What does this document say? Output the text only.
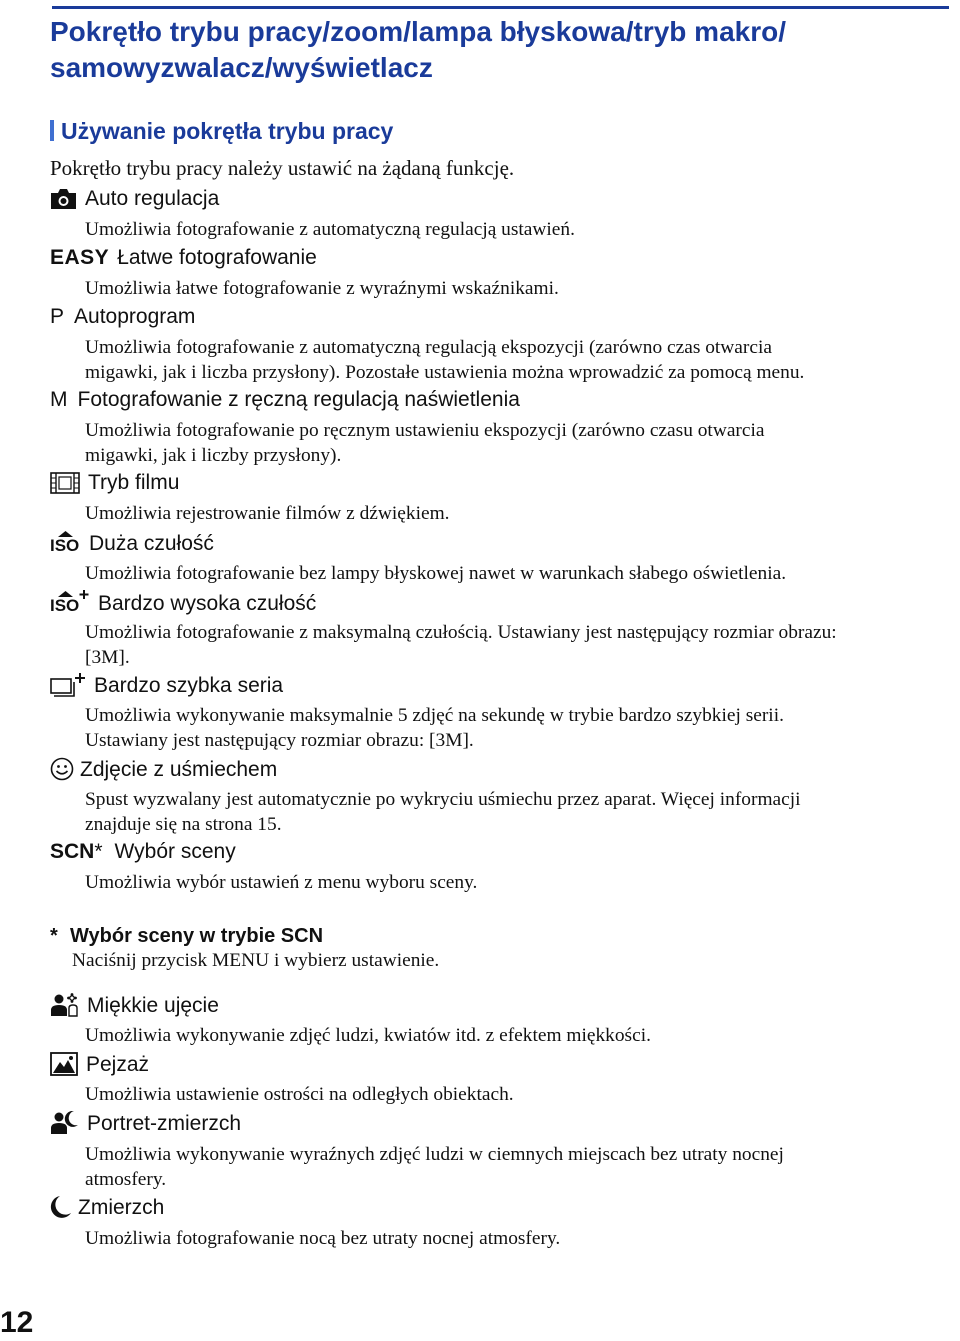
Pokrętło trybu pracy/zoom/lampa błyskowa/tryb makro/
samowyzwalacz/wyświetlacz
Używanie pokrętła trybu pracy
Pokrętło trybu pracy należy ustawić na żądaną funkcję.
Auto regulacja
Umożliwia fotografowanie z automatyczną regulacją ustawień.
EASY Łatwe fotografowanie
Umożliwia łatwe fotografowanie z wyraźnymi wskaźnikami.
P Autoprogram
Umożliwia fotografowanie z automatyczną regulacją ekspozycji (zarówno czas otwarcia
migawki, jak i liczba przysłony). Pozostałe ustawienia można wprowadzić za pomocą menu.
M Fotografowanie z ręczną regulacją naświetlenia
Umożliwia fotografowanie po ręcznym ustawieniu ekspozycji (zarówno czasu otwarcia
migawki, jak i liczby przysłony).
Tryb filmu
Umożliwia rejestrowanie filmów z dźwiękiem.
ISO Duża czułość
Umożliwia fotografowanie bez lampy błyskowej nawet w warunkach słabego oświetlenia.
ISO Bardzo wysoka czułość
Umożliwia fotografowanie z maksymalną czułością. Ustawiany jest następujący rozmiar obrazu:
[3M].
Bardzo szybka seria
Umożliwia wykonywanie maksymalnie 5 zdjęć na sekundę w trybie bardzo szybkiej serii.
Ustawiany jest następujący rozmiar obrazu: [3M].
Zdjęcie z uśmiechem
Spust wyzwalany jest automatycznie po wykryciu uśmiechu przez aparat. Więcej informacji
znajduje się na strona 15.
SCN* Wybór sceny
Umożliwia wybór ustawień z menu wyboru sceny.
* Wybór sceny w trybie SCN
Naciśnij przycisk MENU i wybierz ustawienie.
Miękkie ujęcie
Umożliwia wykonywanie zdjęć ludzi, kwiatów itd. z efektem miękkości.
Pejzaż
Umożliwia ustawienie ostrości na odległych obiektach.
Portret-zmierzch
Umożliwia wykonywanie wyraźnych zdjęć ludzi w ciemnych miejscach bez utraty nocnej
atmosfery.
Zmierzch
Umożliwia fotografowanie nocą bez utraty nocnej atmosfery.
12
